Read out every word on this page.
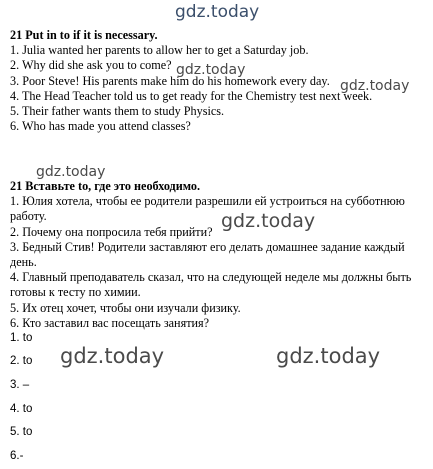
gdz.today
gdz.today
gdz.today
gdz.today
gdz.today
gdz.today	gdz.today
21 Put in to if it is necessary.
1. Julia wanted her parents to allow her to get a Saturday job.
2. Why did she ask you to come?
3. Poor Steve! His parents make him do his homework every day.
4. The Head Teacher told us to get ready for the Chemistry test next week.
5. Their father wants them to study Physics.
6. Who has made you attend classes?
21 Вставьте to, где это необходимо.
1. Юлия хотела, чтобы ее родители разрешили ей устроиться на субботнюю работу.
2. Почему она попросила тебя прийти?
3. Бедный Стив! Родители заставляют его делать домашнее задание каждый день.
4. Главный преподаватель сказал, что на следующей неделе мы должны быть готовы к тесту по химии.
5. Их отец хочет, чтобы они изучали физику.
6. Кто заставил вас посещать занятия?
1. to
2. to
3. –
4. to
5. to
6.-
